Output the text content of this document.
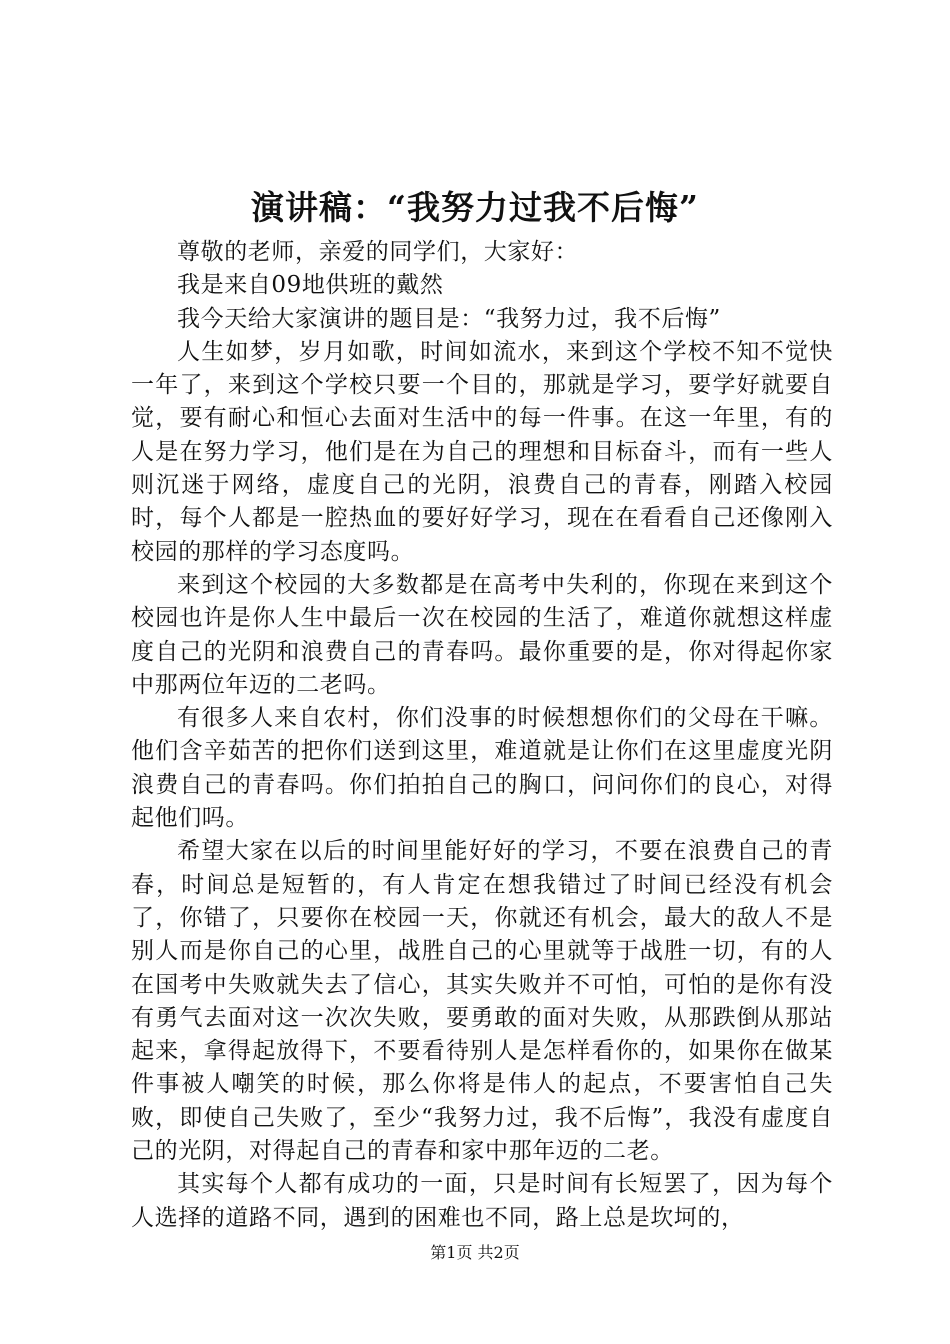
演讲稿：“我努力过我不后悔”

尊敬的老师，亲爱的同学们，大家好：

我是来自09地供班的戴然

我今天给大家演讲的题目是：“我努力过，我不后悔”

人生如梦，岁月如歌，时间如流水，来到这个学校不知不觉快一年了，来到这个学校只要一个目的，那就是学习，要学好就要自觉，要有耐心和恒心去面对生活中的每一件事。在这一年里，有的人是在努力学习，他们是在为自己的理想和目标奋斗，而有一些人则沉迷于网络，虚度自己的光阴，浪费自己的青春，刚踏入校园时，每个人都是一腔热血的要好好学习，现在在看看自己还像刚入校园的那样的学习态度吗。

来到这个校园的大多数都是在高考中失利的，你现在来到这个校园也许是你人生中最后一次在校园的生活了，难道你就想这样虚度自己的光阴和浪费自己的青春吗。最你重要的是，你对得起你家中那两位年迈的二老吗。

有很多人来自农村，你们没事的时候想想你们的父母在干嘛。他们含辛茹苦的把你们送到这里，难道就是让你们在这里虚度光阴浪费自己的青春吗。你们拍拍自己的胸口，问问你们的良心，对得起他们吗。

希望大家在以后的时间里能好好的学习，不要在浪费自己的青春，时间总是短暂的，有人肯定在想我错过了时间已经没有机会了，你错了，只要你在校园一天，你就还有机会，最大的敌人不是别人而是你自己的心里，战胜自己的心里就等于战胜一切，有的人在国考中失败就失去了信心，其实失败并不可怕，可怕的是你有没有勇气去面对这一次次失败，要勇敢的面对失败，从那跌倒从那站起来，拿得起放得下，不要看待别人是怎样看你的，如果你在做某件事被人嘲笑的时候，那么你将是伟人的起点，不要害怕自己失败，即使自己失败了，至少“我努力过，我不后悔”，我没有虚度自己的光阴，对得起自己的青春和家中那年迈的二老。

其实每个人都有成功的一面，只是时间有长短罢了，因为每个人选择的道路不同，遇到的困难也不同，路上总是坎坷的，

第1页 共2页
